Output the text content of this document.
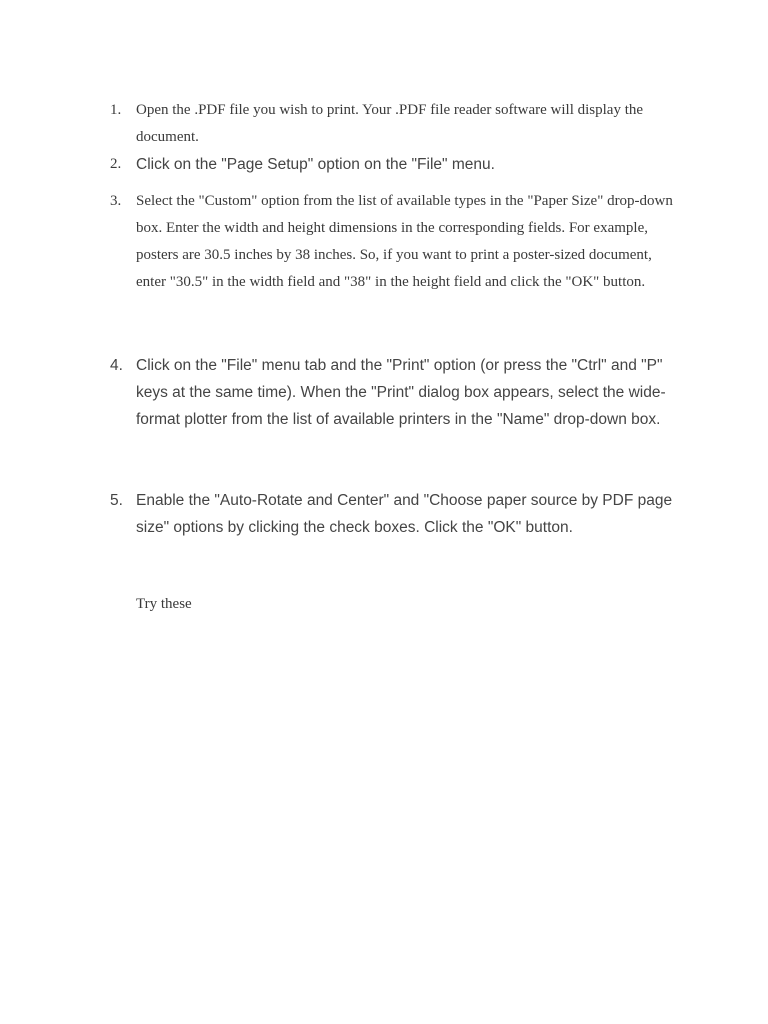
1. Open the .PDF file you wish to print. Your .PDF file reader software will display the document.
2. Click on the "Page Setup" option on the "File" menu.
3. Select the "Custom" option from the list of available types in the "Paper Size" drop-down box. Enter the width and height dimensions in the corresponding fields. For example, posters are 30.5 inches by 38 inches. So, if you want to print a poster-sized document, enter "30.5" in the width field and "38" in the height field and click the "OK" button.
4. Click on the "File" menu tab and the "Print" option (or press the "Ctrl" and "P" keys at the same time). When the "Print" dialog box appears, select the wide-format plotter from the list of available printers in the "Name" drop-down box.
5. Enable the "Auto-Rotate and Center" and "Choose paper source by PDF page size" options by clicking the check boxes. Click the "OK" button.
Try these
